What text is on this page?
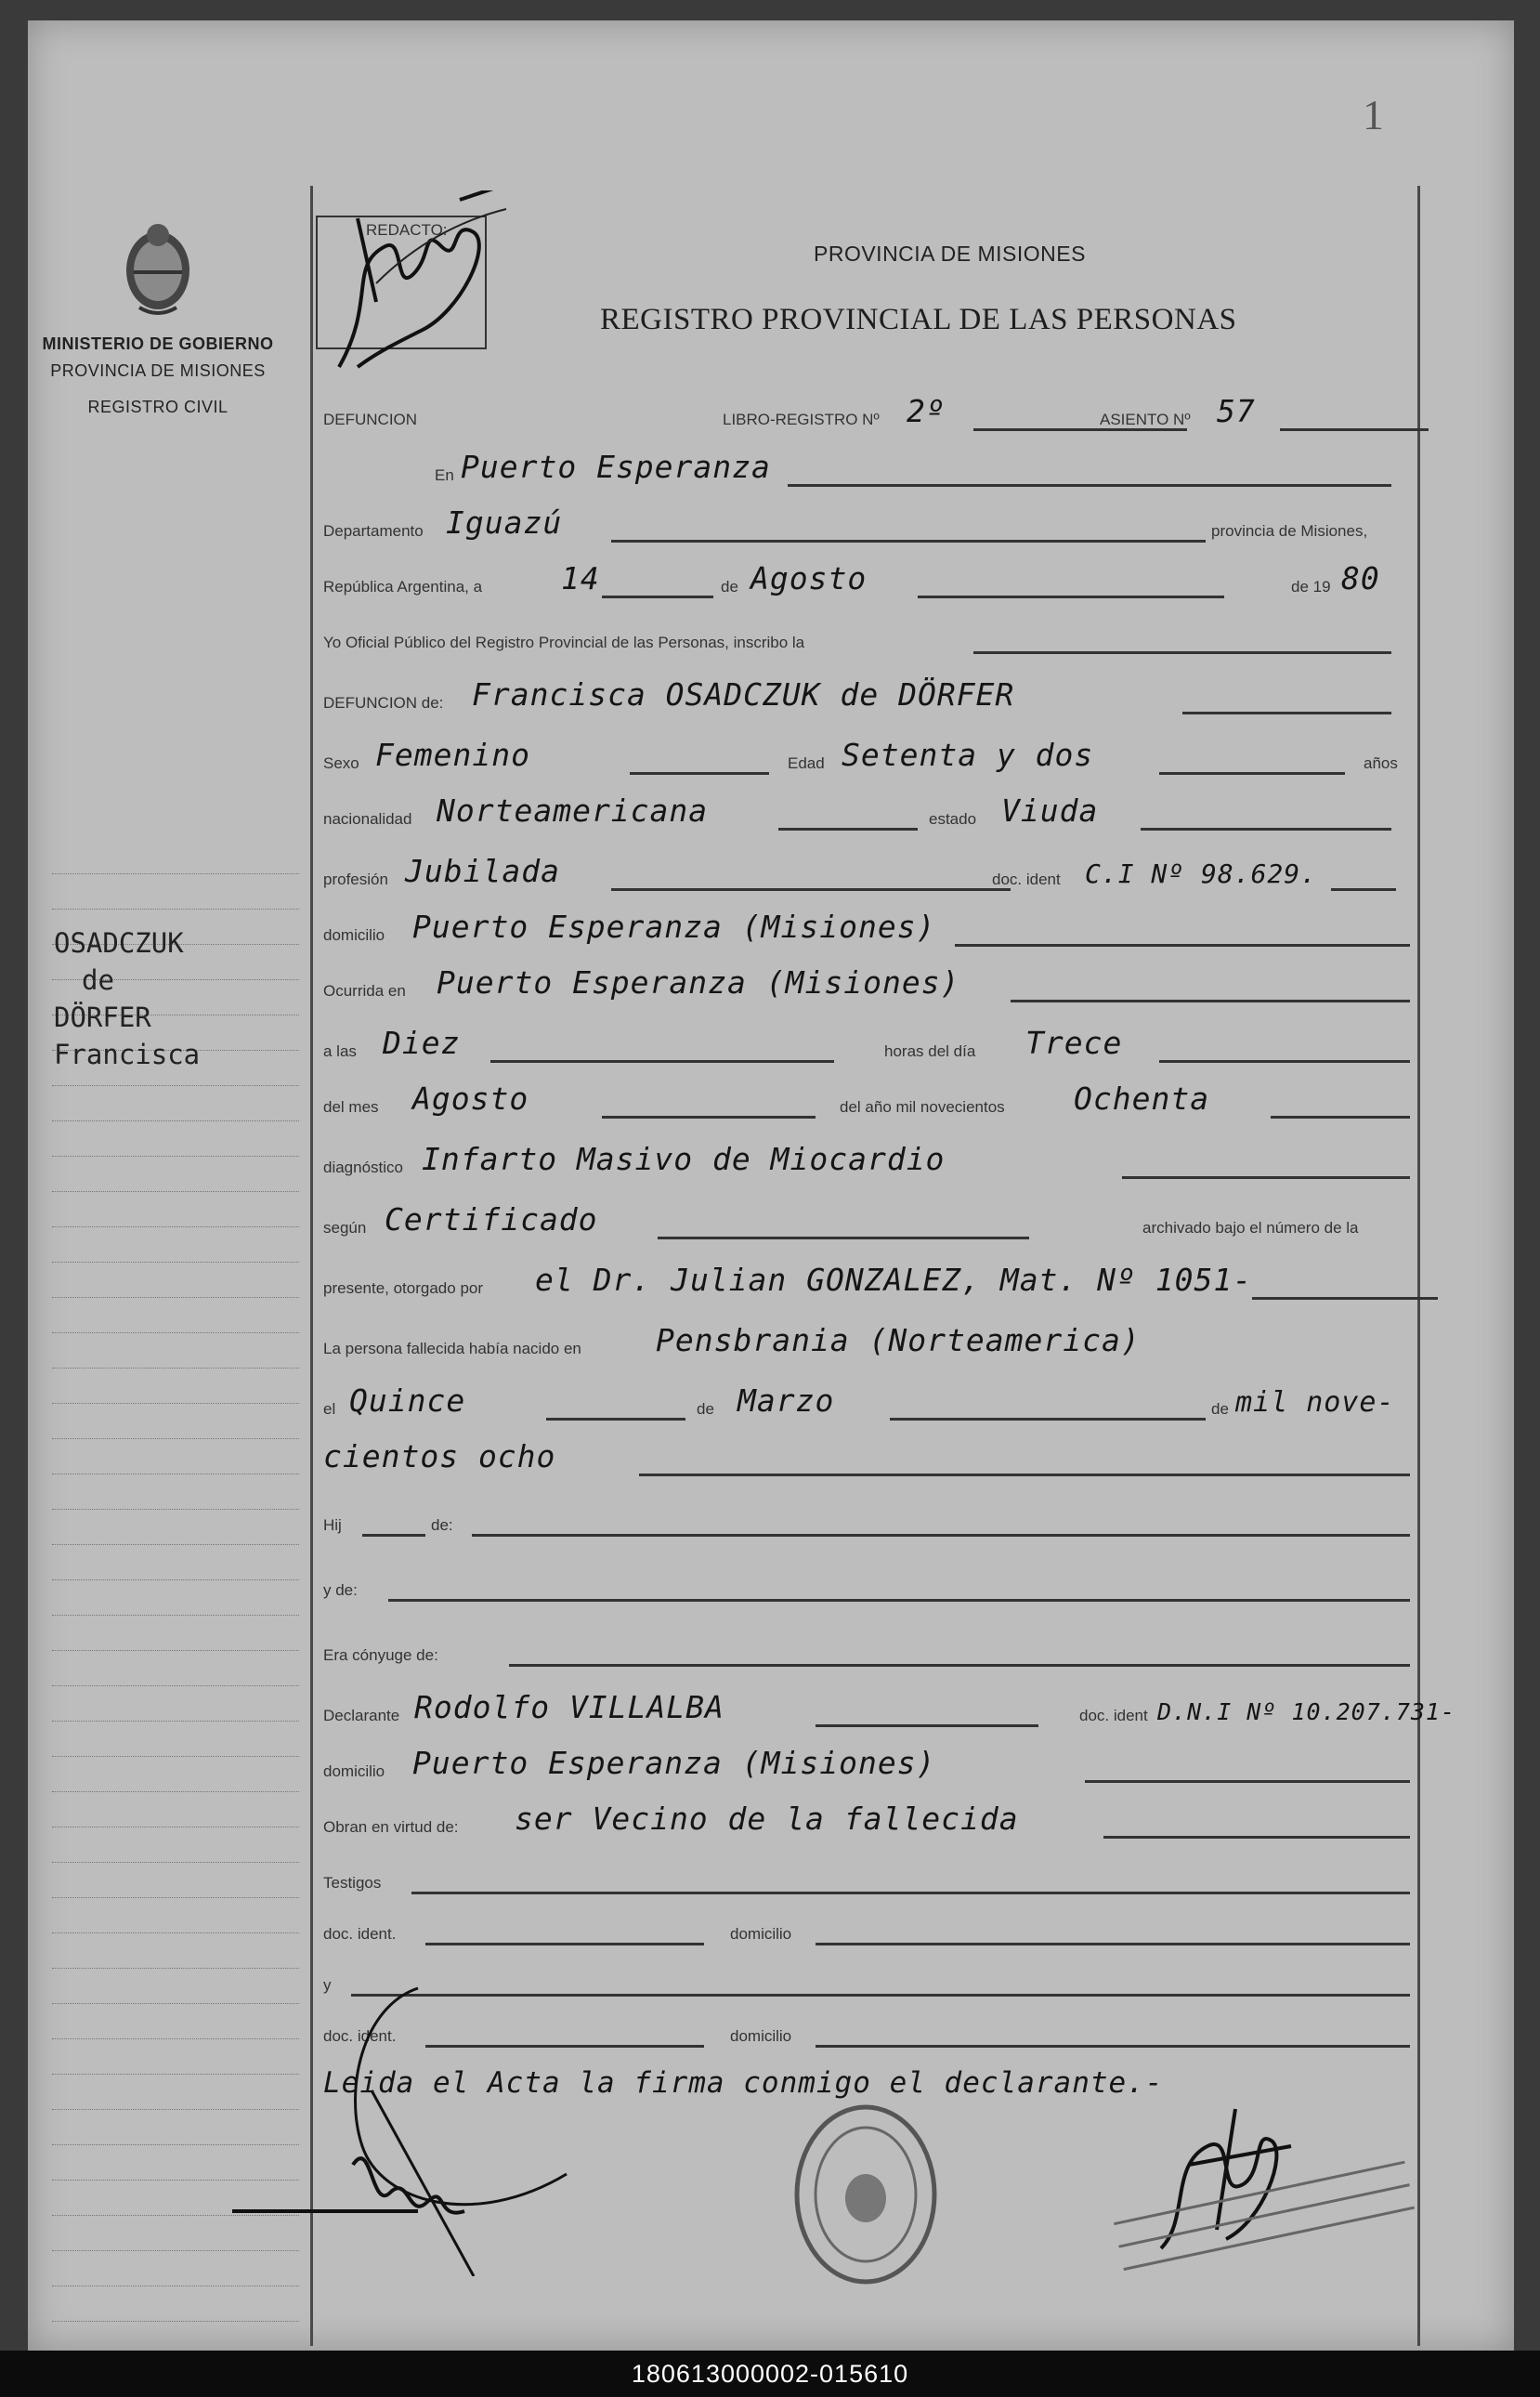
1
MINISTERIO DE GOBIERNO
PROVINCIA DE MISIONES
REGISTRO CIVIL
OSADCZUK
de
DÖRFER
Francisca
REDACTO:
PROVINCIA DE MISIONES
REGISTRO PROVINCIAL DE LAS PERSONAS
DEFUNCION	LIBRO-REGISTRO Nº 2º	ASIENTO Nº 57
En Puerto Esperanza
Departamento Iguazú	provincia de Misiones,
República Argentina, a	14	de Agosto	de 19 80
Yo Oficial Público del Registro Provincial de las Personas, inscribo la
DEFUNCION de: Francisca OSADCZUK de DÖRFER
Sexo Femenino	Edad Setenta y dos	años
nacionalidad Norteamericana	estado Viuda
profesión Jubilada	doc. ident C.I Nº 98.629.
domicilio Puerto Esperanza (Misiones)
Ocurrida en Puerto Esperanza (Misiones)
a las Diez	horas del día Trece
del mes Agosto	del año mil novecientos Ochenta
diagnóstico Infarto Masivo de Miocardio
según Certificado	archivado bajo el número de la
presente, otorgado por el Dr. Julian GONZALEZ, Mat. Nº 1051-
La persona fallecida había nacido en Pensbrania (Norteamerica)
el Quince	de Marzo	de mil nove-
cientos ocho
Hij	de:
y de:
Era cónyuge de:
Declarante Rodolfo VILLALBA	doc. ident D.N.I Nº 10.207.731-
domicilio Puerto Esperanza (Misiones)
Obran en virtud de: ser Vecino de la fallecida
Testigos
doc. ident.	domicilio
y
doc. ident.	domicilio
Leida el Acta la firma conmigo el declarante.-
180613000002-015610
